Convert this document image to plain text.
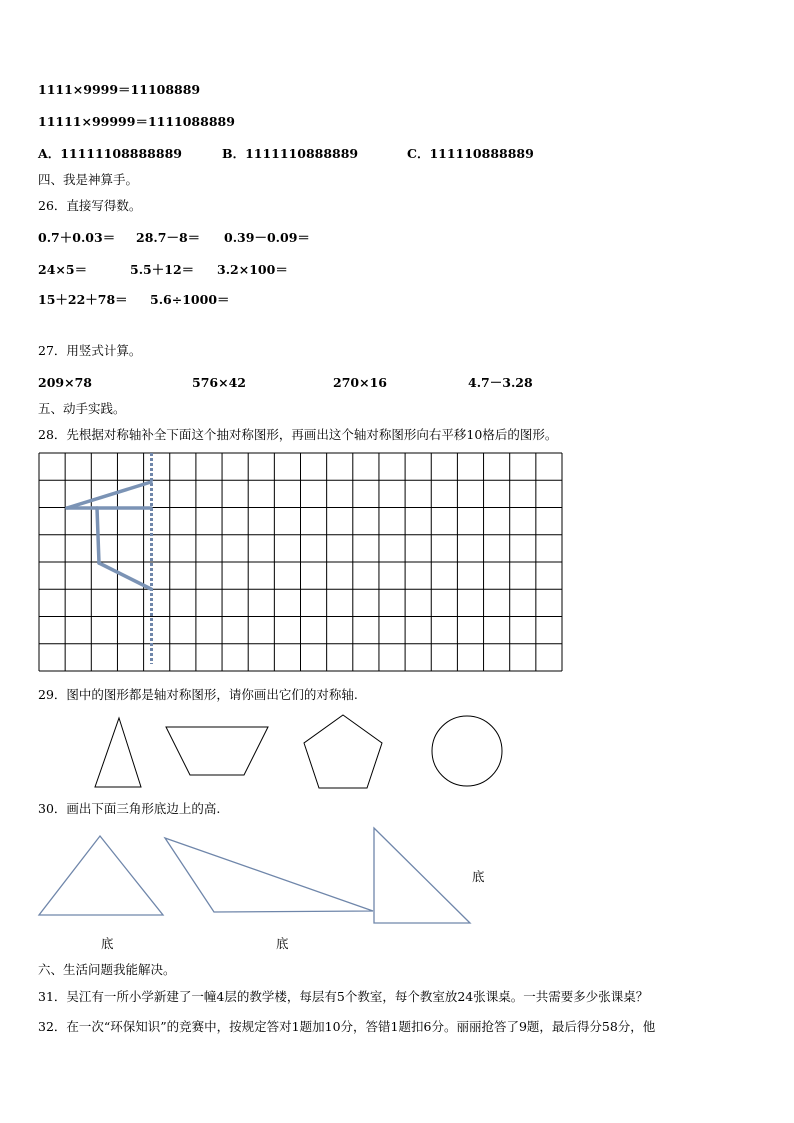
1111×9999＝11108889
11111×99999＝1111088889
A．11111108888889	B．1111110888889	C．111110888889
四、我是神算手。
26．直接写得数。
0.7＋0.03＝ 28.7－8＝ 0.39－0.09＝
24×5＝	5.5＋12＝ 3.2×100＝
15＋22＋78＝ 5.6÷1000＝
27．用竖式计算。
209×78	576×42	270×16	4.7－3.28
五、动手实践。
28．先根据对称轴补全下面这个抽对称图形，再画出这个轴对称图形向右平移10格后的图形。
29．图中的图形都是轴对称图形，请你画出它们的对称轴.
30．画出下面三角形底边上的高.
底
底	底
六、生活问题我能解决。
31．吴江有一所小学新建了一幢4层的教学楼，每层有5个教室，每个教室放24张课桌。一共需要多少张课桌？
32．在一次“环保知识”的竞赛中，按规定答对1题加10分，答错1题扣6分。丽丽抢答了9题，最后得分58分，他
